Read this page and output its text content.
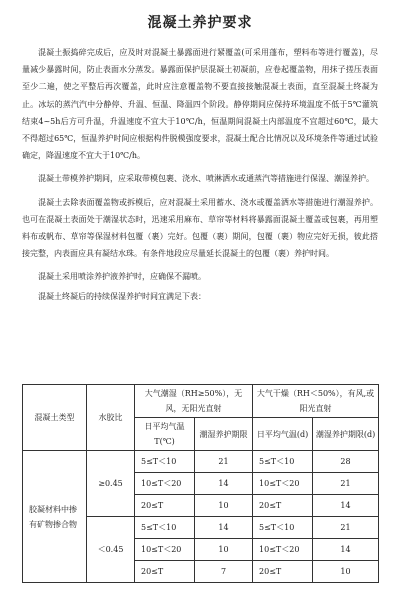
混凝土养护要求

混凝土振捣碎完成后，应及时对混凝土暴露面进行紧覆盖(可采用蓬布，塑料布等进行覆盖)，尽量减少暴露时间，防止表面水分蒸发。暴露面保护层混凝土初凝前，应卷起覆盖物，用抹子搓压表面至少二遍，使之平整后再次覆盖，此时应注意覆盖物不要直接接触混凝土表面，直至混凝土终凝为止。冰坛的蒸汽汽中分静停、升温、恒温、降温四个阶段。静停期间应保持环境温度不低于5℃灌筑结束4~5h后方可升温，升温速度不宜大于10℃/h，恒温期间混凝土内部温度不宜超过60℃，最大不得超过65℃，恒温养护时间应根据构件脱模强度要求，混凝土配合比情况以及环境条件等通过试验确定，降温速度不宜大于10℃/h。

混凝土带模养护期间，应采取带模包裹、浇水、喷淋洒水或通蒸汽等措施进行保湿、潮湿养护。

混凝土去除表面覆盖物或拆模后，应对混凝土采用蓄水、浇水或覆盖洒水等措施进行潮湿养护。也可在混凝土表面处于潮湿状态时，迅速采用麻布、草帘等材料将暴露面混凝土覆盖或包裹，再用塑料布或帆布、草帘等保湿材料包覆（裹）完好。包覆（裹）期间，包覆（裹）物应完好无损，彼此搭接完整，内表面应具有凝结水珠。有条件地段应尽量延长混凝土的包覆（裹）养护时间。

混凝土采用喷涂养护液养护时，应确保不漏喷。

混凝土终凝后的持续保湿养护时间宜满足下表：

混凝土类型	水胶比	大气潮湿（RH≥50%），无风，无阳光直射		大气干燥（RH＜50%），有风,或阳光直射	
		日平均气温T(℃)	潮湿养护期限	日平均气温(d)	潮湿养护期限(d)
胶凝材料中掺有矿物掺合物	≥0.45	5≤T＜10	21	5≤T＜10	28
		10≤T＜20	14	10≤T＜20	21
		20≤T	10	20≤T	14
	＜0.45	5≤T＜10	14	5≤T＜10	21
		10≤T＜20	10	10≤T＜20	14
		20≤T	7	20≤T	10
